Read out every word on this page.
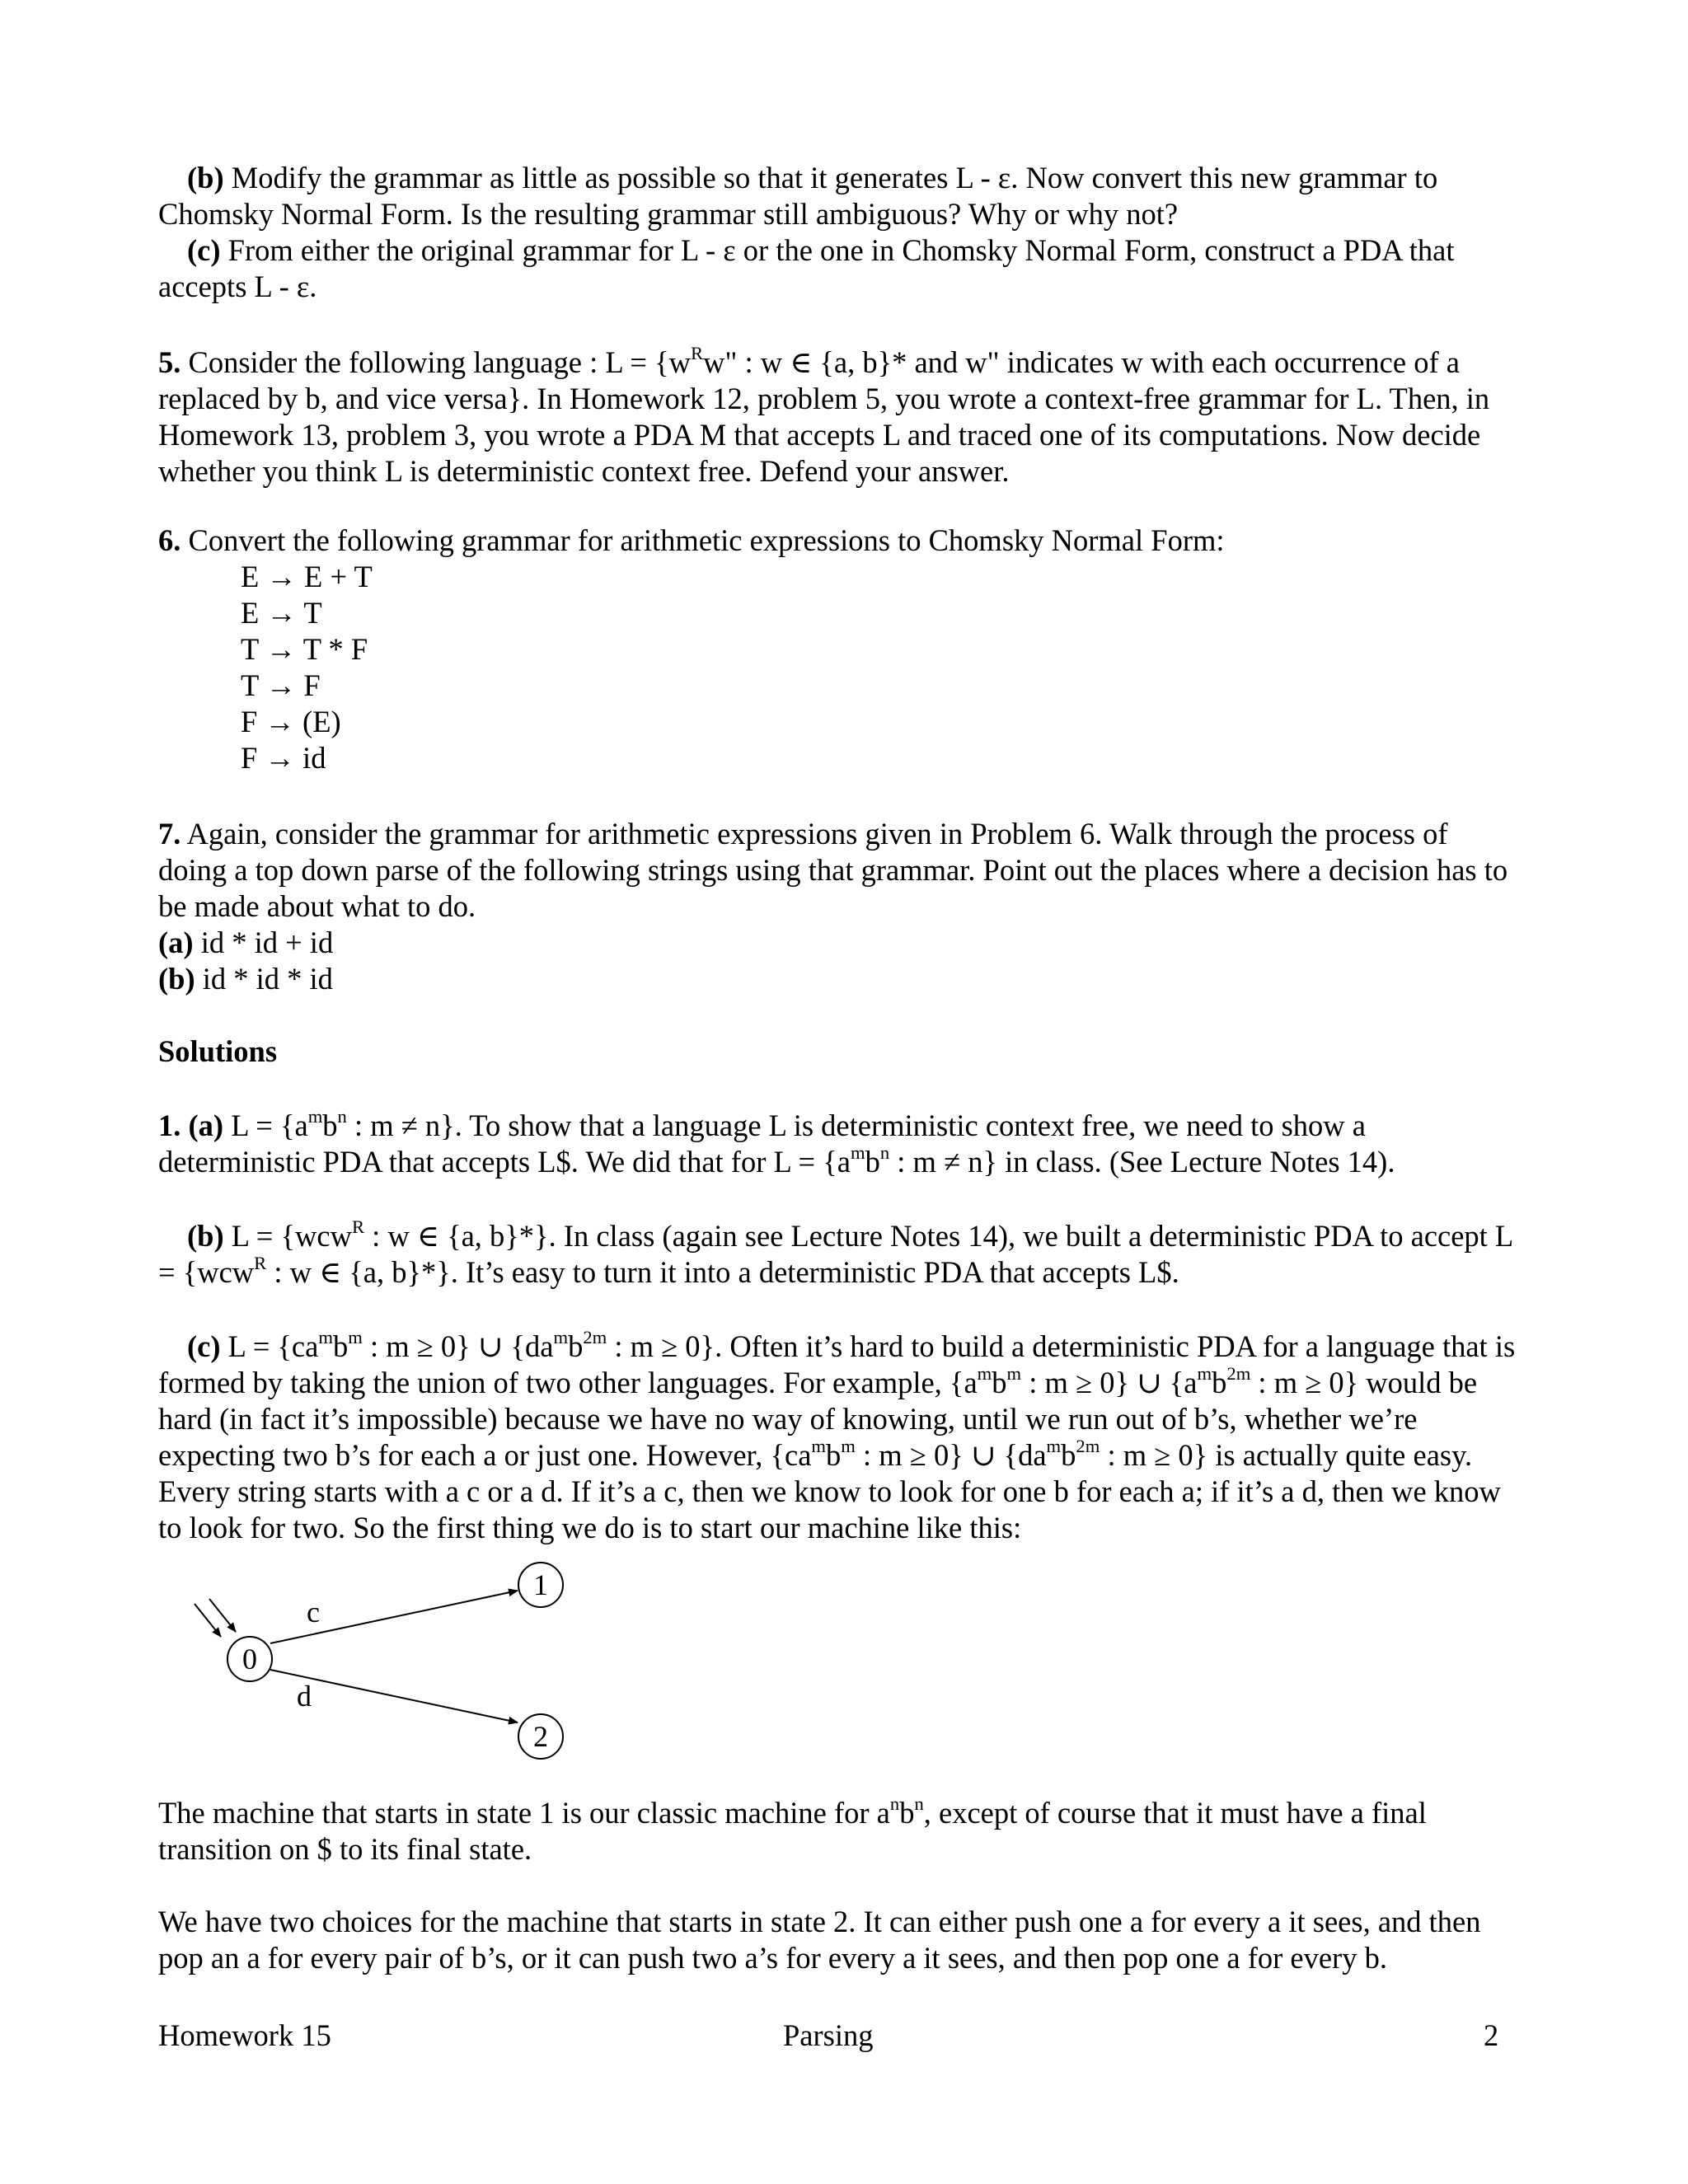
(b) Modify the grammar as little as possible so that it generates L - ε. Now convert this new grammar to
Chomsky Normal Form. Is the resulting grammar still ambiguous? Why or why not?
(c) From either the original grammar for L - ε or the one in Chomsky Normal Form, construct a PDA that
accepts L - ε.
5. Consider the following language : $L = \{w^Rw$" : w ∈ {a, b}* and w" indicates w with each occurrence of a
replaced by b, and vice versa}. In Homework 12, problem 5, you wrote a context-free grammar for L. Then, in
Homework 13, problem 3, you wrote a PDA M that accepts L and traced one of its computations. Now decide
whether you think L is deterministic context free. Defend your answer.
6. Convert the following grammar for arithmetic expressions to Chomsky Normal Form:
E → E + T
E → T
T → T * F
T → F
F → (E)
F → id
7. Again, consider the grammar for arithmetic expressions given in Problem 6. Walk through the process of
doing a top down parse of the following strings using that grammar. Point out the places where a decision has to
be made about what to do.
(a) id * id + id
(b) id * id * id
Solutions
1. (a) $L = \{a^mb^n$ : m ≠ n}. To show that a language L is deterministic context free, we need to show a
deterministic PDA that accepts L$. We did that for $L = \{a^mb^n$ : m ≠ n} in class. (See Lecture Notes 14).
(b) L = {wcw$^R$ : w ∈ {a, b}*}. In class (again see Lecture Notes 14), we built a deterministic PDA to accept L
= {wcw$^R$ : w ∈ {a, b}*}. It’s easy to turn it into a deterministic PDA that accepts L$.
(c) $L = \{ca^mb^m$ : m ≥ 0} ∪ {$da^mb^{2m}$ : m ≥ 0}. Often it’s hard to build a deterministic PDA for a language that is
formed by taking the union of two other languages. For example, {$a^mb^m$ : m ≥ 0} ∪ {$a^mb^{2m}$ : m ≥ 0} would be
hard (in fact it’s impossible) because we have no way of knowing, until we run out of b’s, whether we’re
expecting two b’s for each a or just one. However, {$ca^mb^m$ : m ≥ 0} ∪ {$da^mb^{2m}$ : m ≥ 0} is actually quite easy.
Every string starts with a c or a d. If it’s a c, then we know to look for one b for each a; if it’s a d, then we know
to look for two. So the first thing we do is to start our machine like this:
c
d
0
1
2
The machine that starts in state 1 is our classic machine for $a^nb^n$, except of course that it must have a final
transition on $ to its final state.
We have two choices for the machine that starts in state 2. It can either push one a for every a it sees, and then
pop an a for every pair of b’s, or it can push two a’s for every a it sees, and then pop one a for every b.
Homework 15	Parsing	2
